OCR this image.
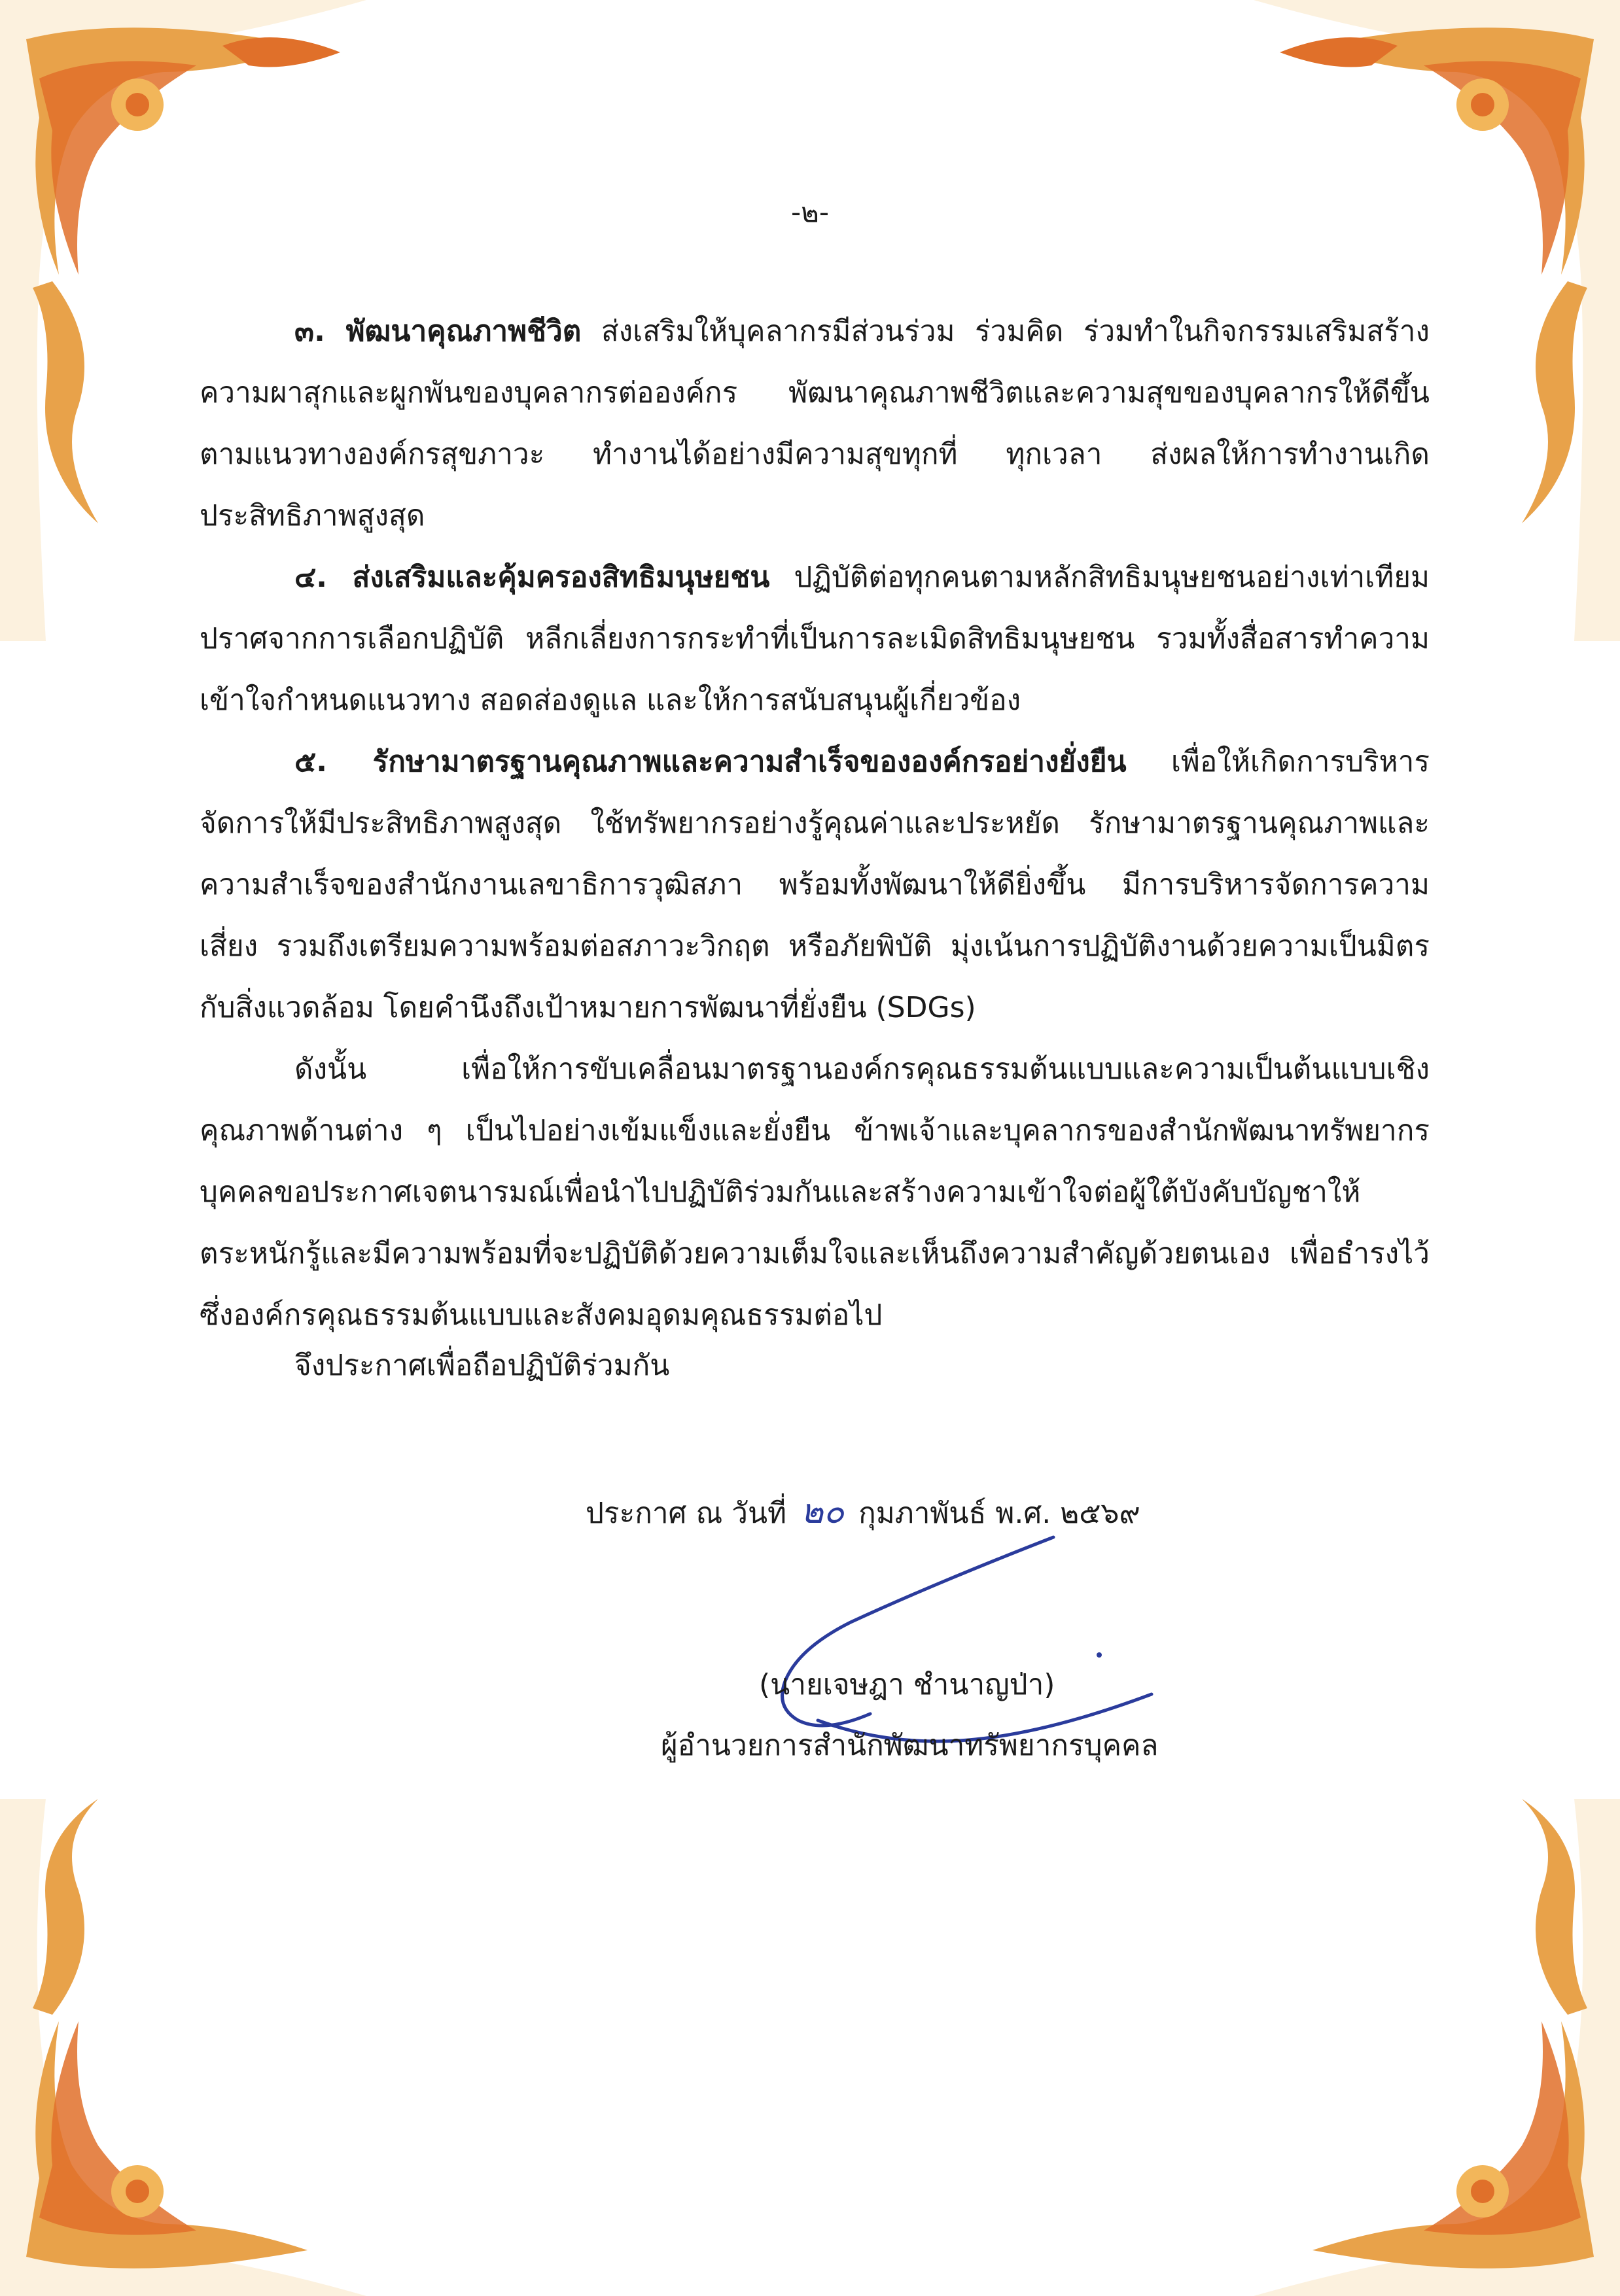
-๒-

๓. พัฒนาคุณภาพชีวิต ส่งเสริมให้บุคลากรมีส่วนร่วม ร่วมคิด ร่วมทำในกิจกรรมเสริมสร้างความผาสุกและผูกพันของบุคลากรต่อองค์กร พัฒนาคุณภาพชีวิตและความสุขของบุคลากรให้ดีขึ้นตามแนวทางองค์กรสุขภาวะ ทำงานได้อย่างมีความสุขทุกที่ ทุกเวลา ส่งผลให้การทำงานเกิดประสิทธิภาพสูงสุด

๔. ส่งเสริมและคุ้มครองสิทธิมนุษยชน ปฏิบัติต่อทุกคนตามหลักสิทธิมนุษยชนอย่างเท่าเทียมปราศจากการเลือกปฏิบัติ หลีกเลี่ยงการกระทำที่เป็นการละเมิดสิทธิมนุษยชน รวมทั้งสื่อสารทำความเข้าใจกำหนดแนวทาง สอดส่องดูแล และให้การสนับสนุนผู้เกี่ยวข้อง

๕. รักษามาตรฐานคุณภาพและความสำเร็จขององค์กรอย่างยั่งยืน เพื่อให้เกิดการบริหารจัดการให้มีประสิทธิภาพสูงสุด ใช้ทรัพยากรอย่างรู้คุณค่าและประหยัด รักษามาตรฐานคุณภาพและความสำเร็จของสำนักงานเลขาธิการวุฒิสภา พร้อมทั้งพัฒนาให้ดียิ่งขึ้น มีการบริหารจัดการความเสี่ยง รวมถึงเตรียมความพร้อมต่อสภาวะวิกฤต หรือภัยพิบัติ มุ่งเน้นการปฏิบัติงานด้วยความเป็นมิตรกับสิ่งแวดล้อม โดยคำนึงถึงเป้าหมายการพัฒนาที่ยั่งยืน (SDGs)

ดังนั้น เพื่อให้การขับเคลื่อนมาตรฐานองค์กรคุณธรรมต้นแบบและความเป็นต้นแบบเชิงคุณภาพด้านต่าง ๆ เป็นไปอย่างเข้มแข็งและยั่งยืน ข้าพเจ้าและบุคลากรของสำนักพัฒนาทรัพยากรบุคคลขอประกาศเจตนารมณ์เพื่อนำไปปฏิบัติร่วมกันและสร้างความเข้าใจต่อผู้ใต้บังคับบัญชาให้ตระหนักรู้และมีความพร้อมที่จะปฏิบัติด้วยความเต็มใจและเห็นถึงความสำคัญด้วยตนเอง เพื่อธำรงไว้ซึ่งองค์กรคุณธรรมต้นแบบและสังคมอุดมคุณธรรมต่อไป

จึงประกาศเพื่อถือปฏิบัติร่วมกัน
ประกาศ ณ วันที่ ๒๐ กุมภาพันธ์ พ.ศ. ๒๕๖๙
(นายเจษฎา ชำนาญป่า)
ผู้อำนวยการสำนักพัฒนาทรัพยากรบุคคล
